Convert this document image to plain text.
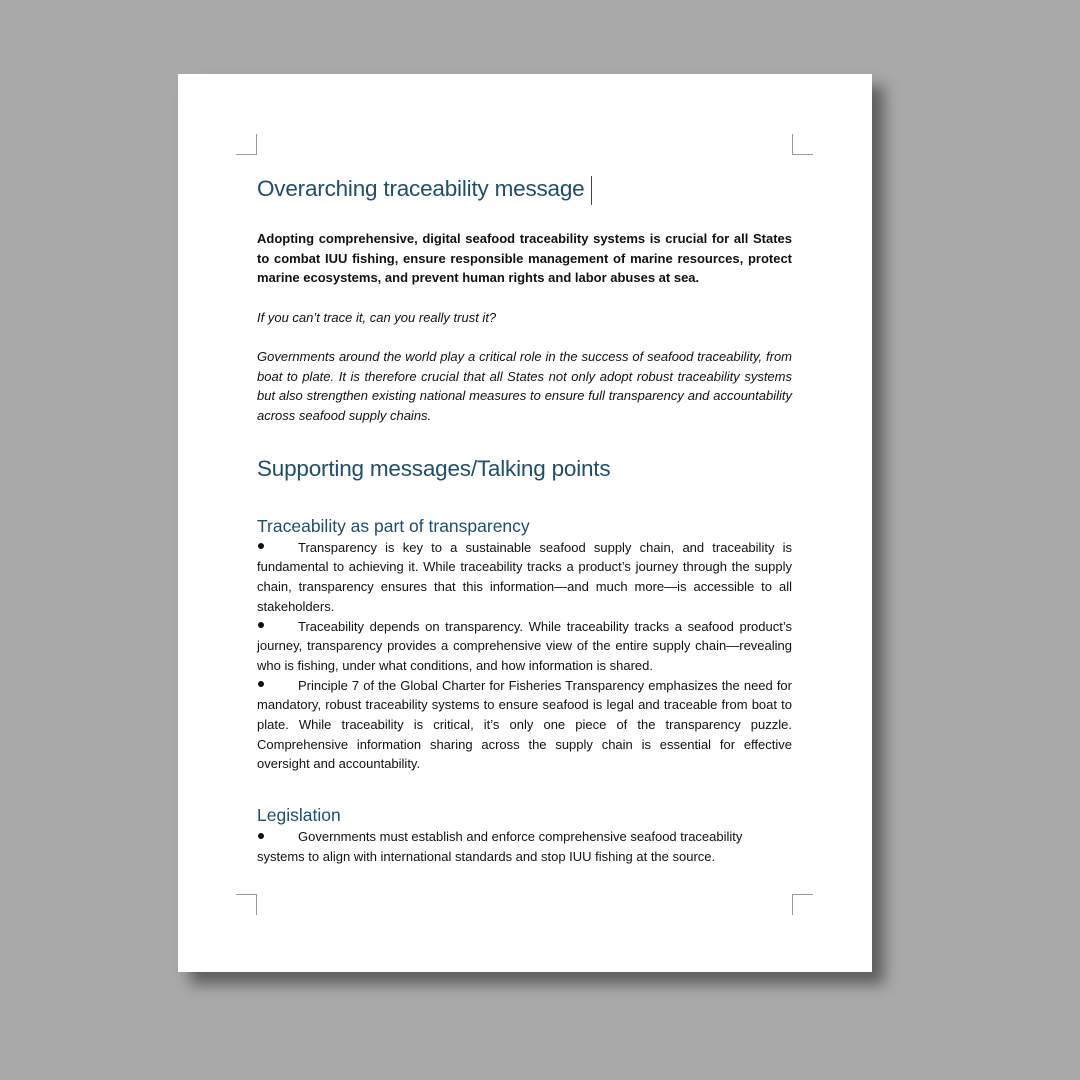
Overarching traceability message

Adopting comprehensive, digital seafood traceability systems is crucial for all States to combat IUU fishing, ensure responsible management of marine resources, protect marine ecosystems, and prevent human rights and labor abuses at sea.

If you can’t trace it, can you really trust it?

Governments around the world play a critical role in the success of seafood traceability, from boat to plate. It is therefore crucial that all States not only adopt robust traceability systems but also strengthen existing national measures to ensure full transparency and accountability across seafood supply chains.

Supporting messages/Talking points
Traceability as part of transparency

Transparency is key to a sustainable seafood supply chain, and traceability is fundamental to achieving it. While traceability tracks a product’s journey through the supply chain, transparency ensures that this information—and much more—is accessible to all stakeholders.

Traceability depends on transparency. While traceability tracks a seafood product’s journey, transparency provides a comprehensive view of the entire supply chain—revealing who is fishing, under what conditions, and how information is shared.

Principle 7 of the Global Charter for Fisheries Transparency emphasizes the need for mandatory, robust traceability systems to ensure seafood is legal and traceable from boat to plate. While traceability is critical, it’s only one piece of the transparency puzzle. Comprehensive information sharing across the supply chain is essential for effective oversight and accountability.

Legislation

Governments must establish and enforce comprehensive seafood traceability systems to align with international standards and stop IUU fishing at the source.
